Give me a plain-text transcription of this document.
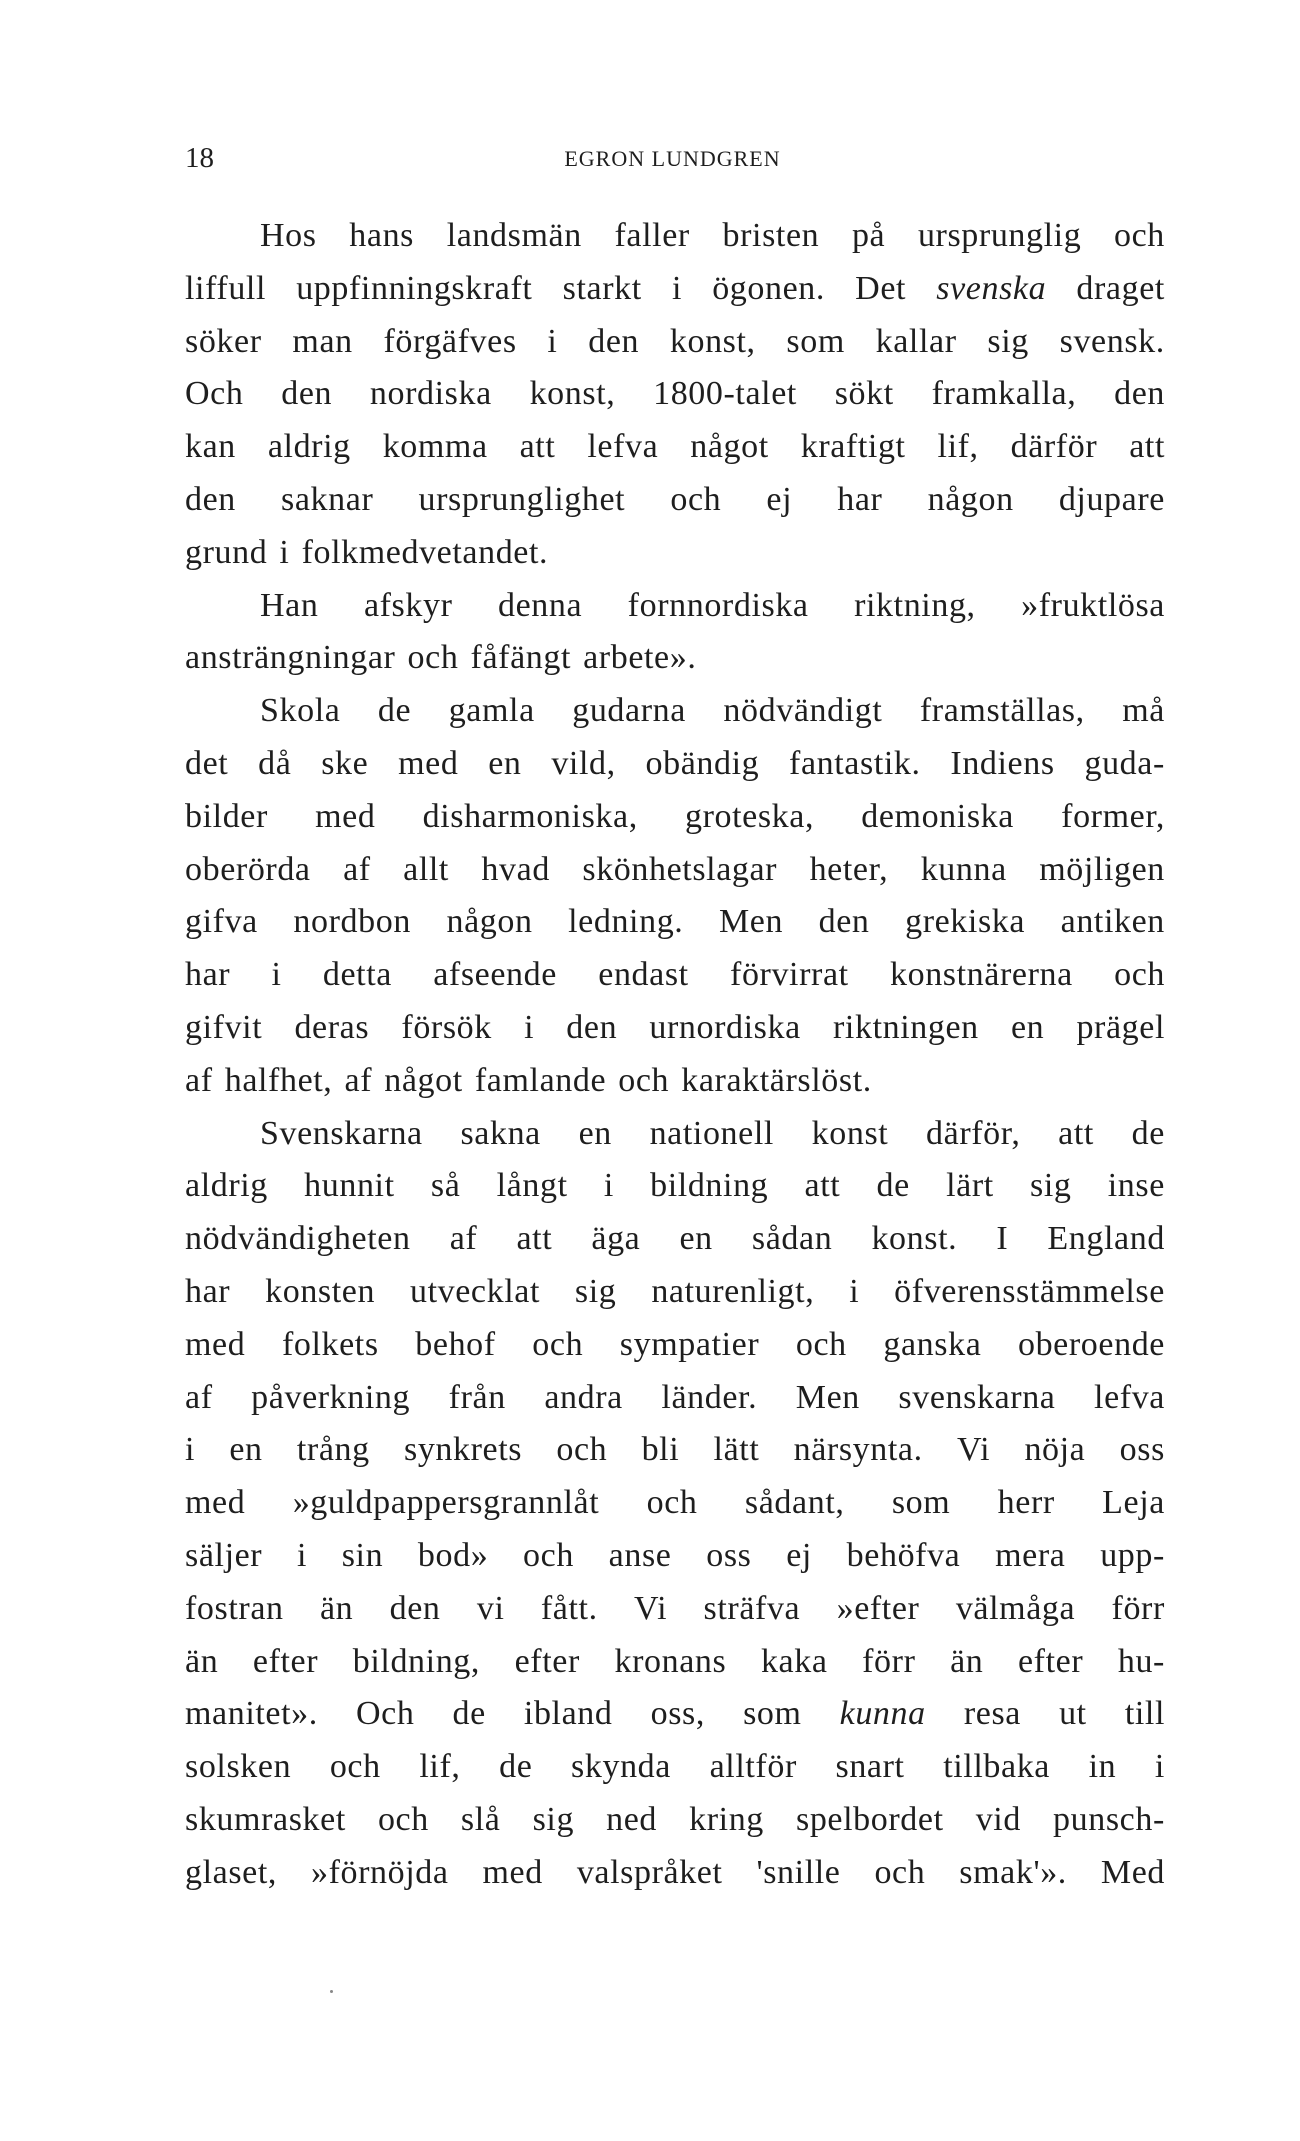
18	EGRON LUNDGREN
Hos hans landsmän faller bristen på ursprunglig och
liffull uppfinningskraft starkt i ögonen. Det svenska draget
söker man förgäfves i den konst, som kallar sig svensk.
Och den nordiska konst, 1800-talet sökt framkalla, den
kan aldrig komma att lefva något kraftigt lif, därför att
den saknar ursprunglighet och ej har någon djupare
grund i folkmedvetandet.
Han afskyr denna fornnordiska riktning, »fruktlösa
ansträngningar och fåfängt arbete».
Skola de gamla gudarna nödvändigt framställas, må
det då ske med en vild, obändig fantastik. Indiens guda-
bilder med disharmoniska, groteska, demoniska former,
oberörda af allt hvad skönhetslagar heter, kunna möjligen
gifva nordbon någon ledning. Men den grekiska antiken
har i detta afseende endast förvirrat konstnärerna och
gifvit deras försök i den urnordiska riktningen en prägel
af halfhet, af något famlande och karaktärslöst.
Svenskarna sakna en nationell konst därför, att de
aldrig hunnit så långt i bildning att de lärt sig inse
nödvändigheten af att äga en sådan konst. I England
har konsten utvecklat sig naturenligt, i öfverensstämmelse
med folkets behof och sympatier och ganska oberoende
af påverkning från andra länder. Men svenskarna lefva
i en trång synkrets och bli lätt närsynta. Vi nöja oss
med »guldpappersgrannlåt och sådant, som herr Leja
säljer i sin bod» och anse oss ej behöfva mera upp-
fostran än den vi fått. Vi sträfva »efter välmåga förr
än efter bildning, efter kronans kaka förr än efter hu-
manitet». Och de ibland oss, som kunna resa ut till
solsken och lif, de skynda alltför snart tillbaka in i
skumrasket och slå sig ned kring spelbordet vid punsch-
glaset, »förnöjda med valspråket 'snille och smak'». Med
